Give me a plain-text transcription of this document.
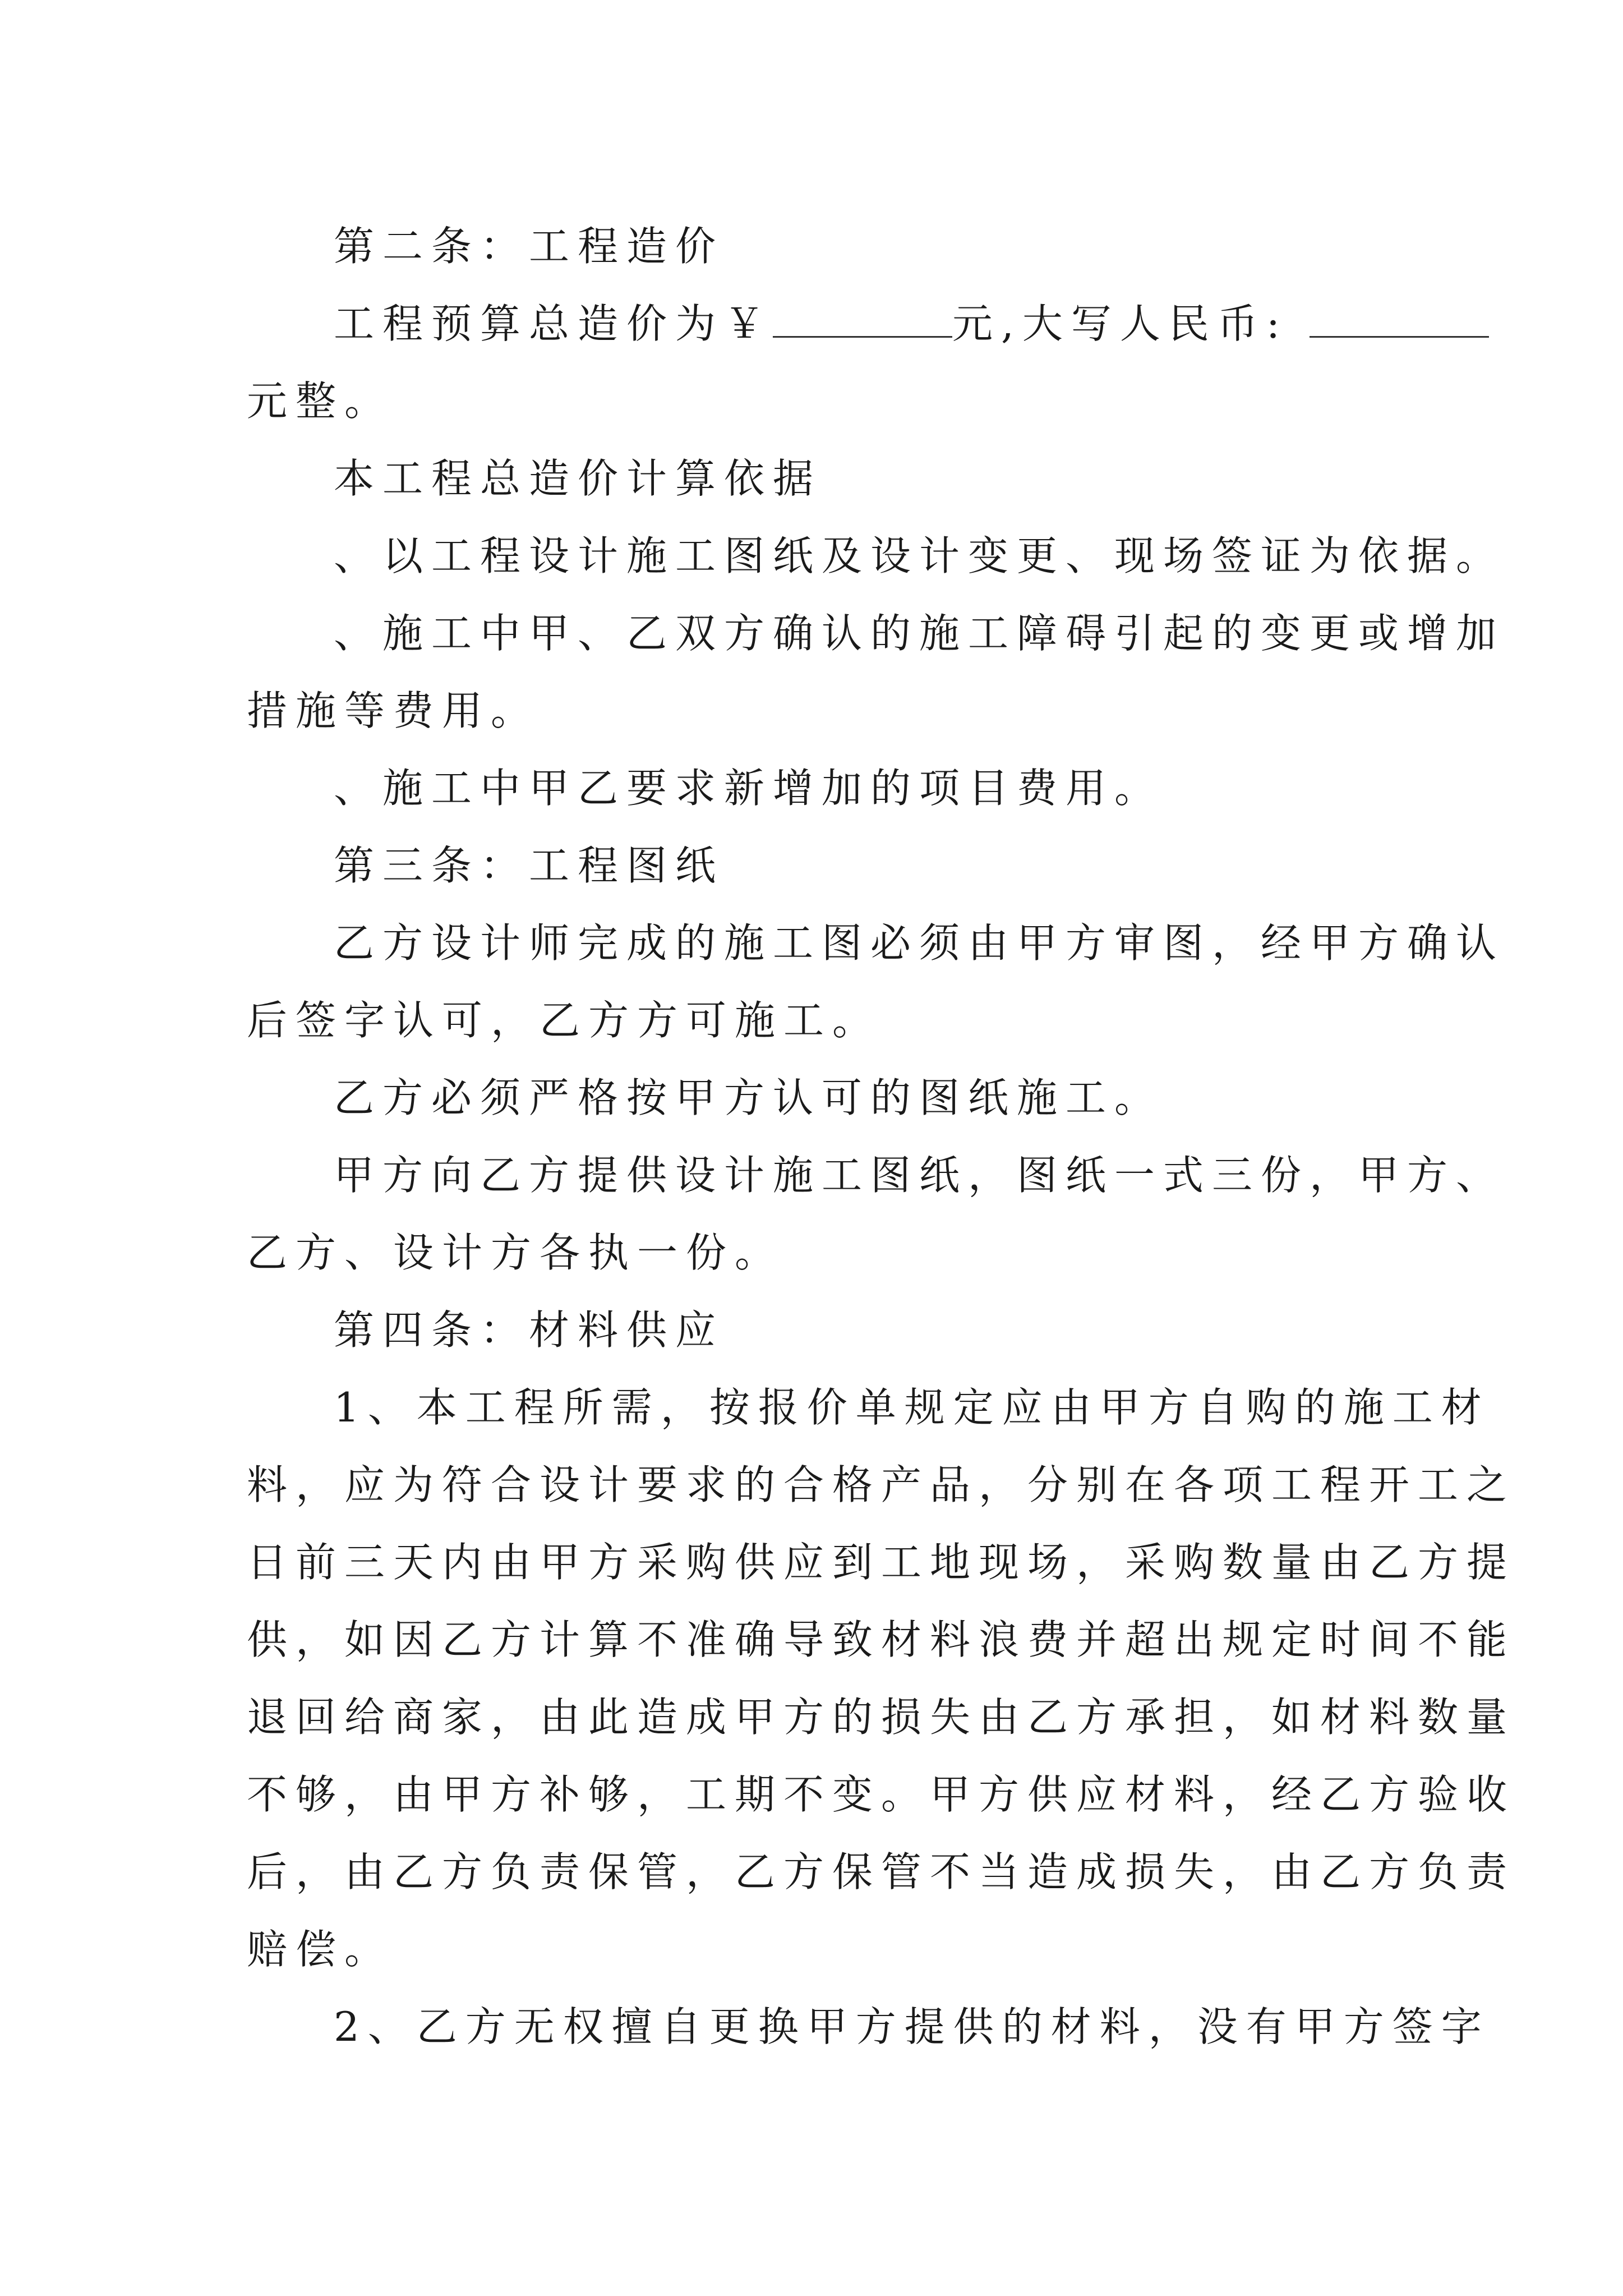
第二条：工程造价
工程预算总造价为￥	元,大写人民币:
元整。
本工程总造价计算依据
、以工程设计施工图纸及设计变更、现场签证为依据。
、施工中甲、乙双方确认的施工障碍引起的变更或增加
措施等费用。
、施工中甲乙要求新增加的项目费用。
第三条：工程图纸
乙方设计师完成的施工图必须由甲方审图，经甲方确认
后签字认可，乙方方可施工。
乙方必须严格按甲方认可的图纸施工。
甲方向乙方提供设计施工图纸，图纸一式三份，甲方、
乙方、设计方各执一份。
第四条：材料供应
1、本工程所需，按报价单规定应由甲方自购的施工材
料，应为符合设计要求的合格产品，分别在各项工程开工之
日前三天内由甲方采购供应到工地现场，采购数量由乙方提
供，如因乙方计算不准确导致材料浪费并超出规定时间不能
退回给商家，由此造成甲方的损失由乙方承担，如材料数量
不够，由甲方补够，工期不变。甲方供应材料，经乙方验收
后，由乙方负责保管，乙方保管不当造成损失，由乙方负责
赔偿。
2、乙方无权擅自更换甲方提供的材料，没有甲方签字
